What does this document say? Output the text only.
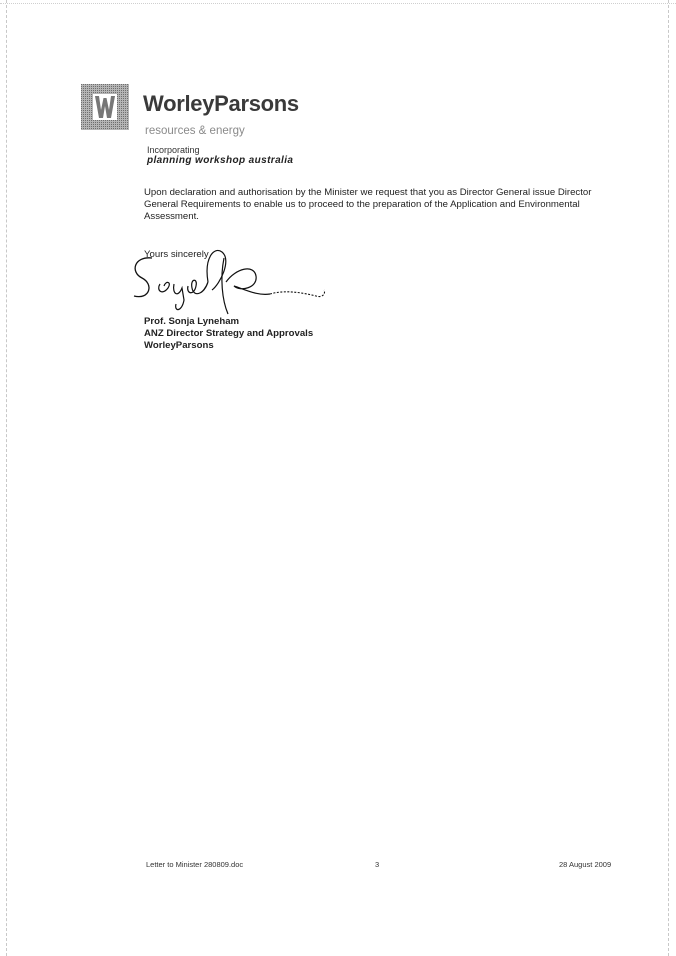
WorleyParsons
resources & energy
Incorporating
planning workshop australia
Upon declaration and authorisation by the Minister we request that you as Director General issue Director General Requirements to enable us to proceed to the preparation of the Application and Environmental Assessment.
Yours sincerely
Prof. Sonja Lyneham
ANZ Director Strategy and Approvals
WorleyParsons
Letter to Minister 280809.doc	3	28 August 2009
